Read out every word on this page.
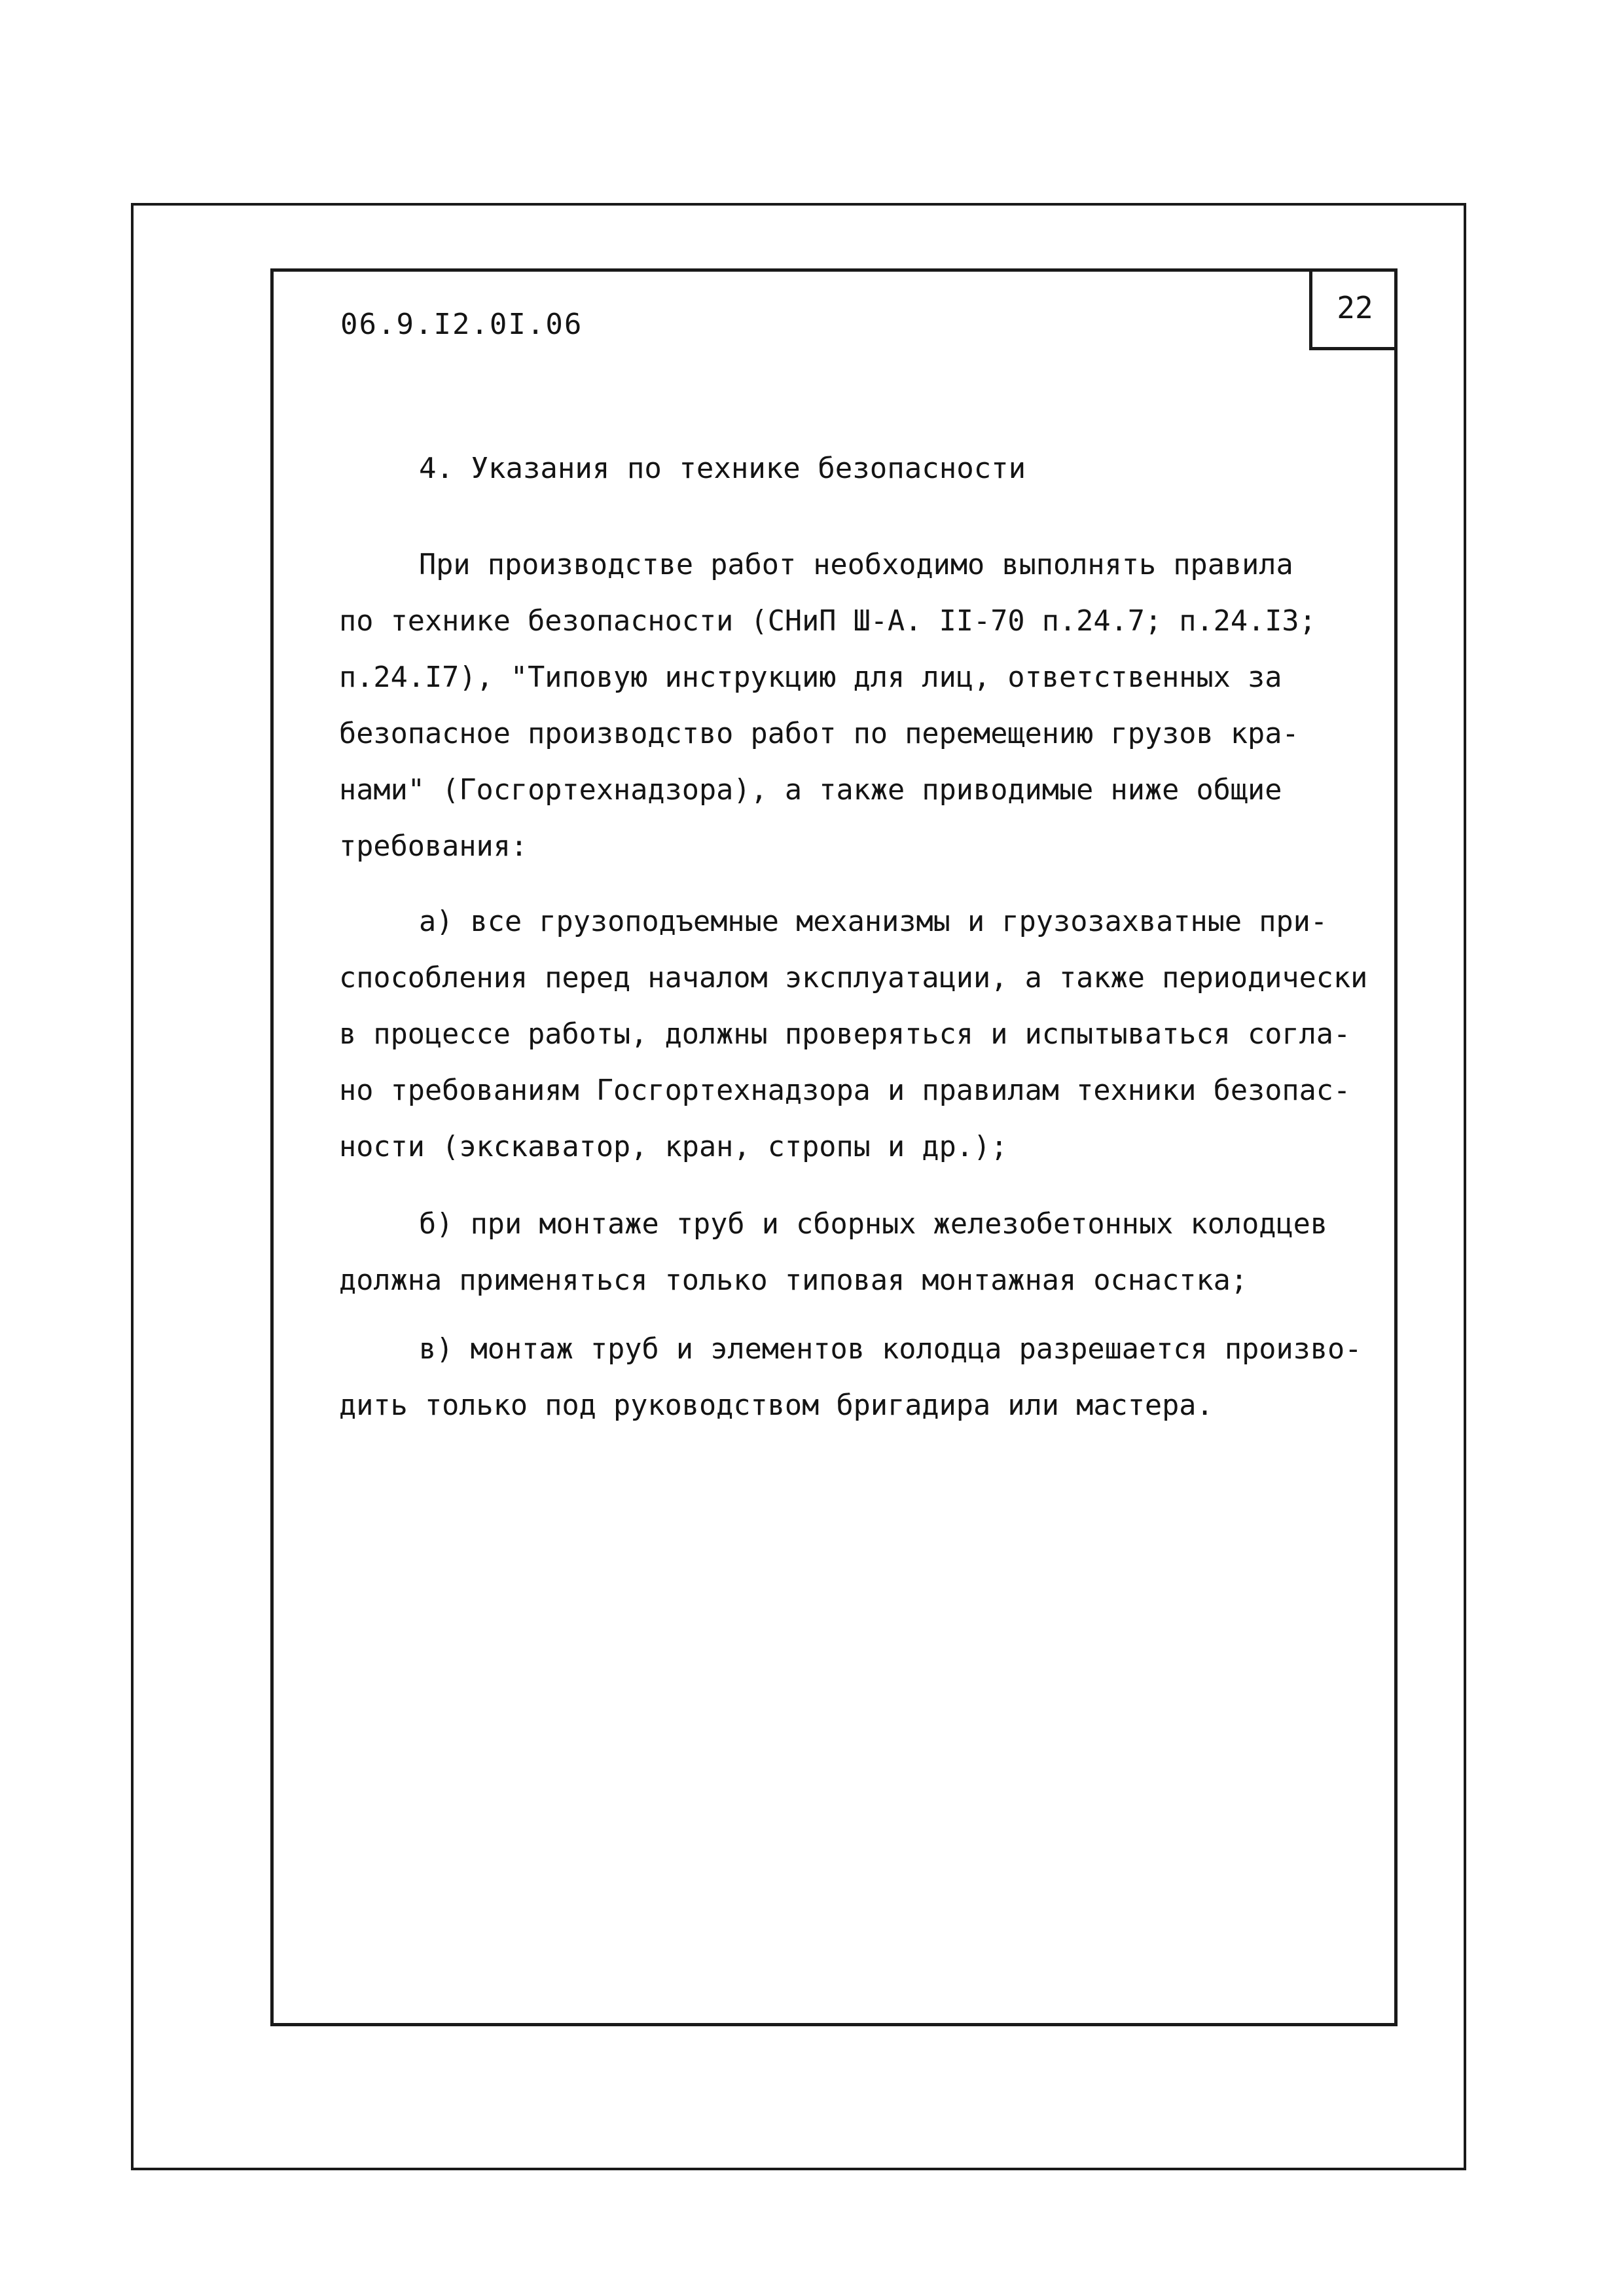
06.9.I2.0I.06	22
4. Указания по технике безопасности
При производстве работ необходимо выполнять правила
по технике безопасности (СНиП Ш-А. II-70 п.24.7; п.24.I3;
п.24.I7), "Типовую инструкцию для лиц, ответственных за
безопасное производство работ по перемещению грузов кра-
нами" (Госгортехнадзора), а также приводимые ниже общие
требования:
а) все грузоподъемные механизмы и грузозахватные при-
способления перед началом эксплуатации, а также периодически
в процессе работы, должны проверяться и испытываться согла-
но требованиям Госгортехнадзора и правилам техники безопас-
ности (экскаватор, кран, стропы и др.);
б) при монтаже труб и сборных железобетонных колодцев
должна применяться только типовая монтажная оснастка;
в) монтаж труб и элементов колодца разрешается произво-
дить только под руководством бригадира или мастера.
